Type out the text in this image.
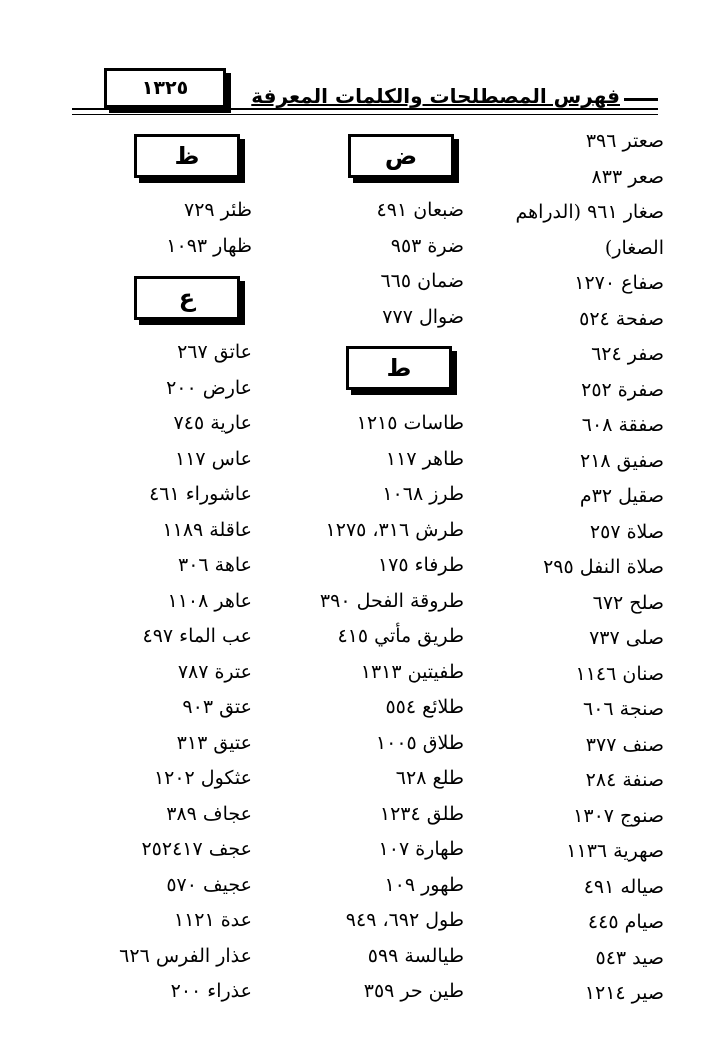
١٣٢٥	فهرس المصطلحات والكلمات المعرفة
ض
ظ
ط
ع
صعتر ٣٩٦
صعر ٨٣٣
صغار ٩٦١ (الدراهم
الصغار)
صفاع ١٢٧٠
صفحة ٥٢٤
صفر ٦٢٤
صفرة ٢٥٢
صفقة ٦٠٨
صفيق ٢١٨
صقيل ٣٢م
صلاة ٢٥٧
صلاة النفل ٢٩٥
صلح ٦٧٢
صلى ٧٣٧
صنان ١١٤٦
صنجة ٦٠٦
صنف ٣٧٧
صنفة ٢٨٤
صنوج ١٣٠٧
صهرية ١١٣٦
صياله ٤٩١
صيام ٤٤٥
صيد ٥٤٣
صير ١٢١٤
ضبعان ٤٩١
ضرة ٩٥٣
ضمان ٦٦٥
ضوال ٧٧٧
طاسات ١٢١٥
طاهر ١١٧
طرز ١٠٦٨
طرش ٣١٦، ١٢٧٥
طرفاء ١٧٥
طروقة الفحل ٣٩٠
طريق مأتي ٤١٥
طفيتين ١٣١٣
طلائع ٥٥٤
طلاق ١٠٠٥
طلع ٦٢٨
طلق ١٢٣٤
طهارة ١٠٧
طهور ١٠٩
طول ٦٩٢، ٩٤٩
طيالسة ٥٩٩
طين حر ٣٥٩
ظئر ٧٢٩
ظهار ١٠٩٣
عاتق ٢٦٧
عارض ٢٠٠
عارية ٧٤٥
عاس ١١٧
عاشوراء ٤٦١
عاقلة ١١٨٩
عاهة ٣٠٦
عاهر ١١٠٨
عب الماء ٤٩٧
عترة ٧٨٧
عتق ٩٠٣
عتيق ٣١٣
عثكول ١٢٠٢
عجاف ٣٨٩
عجف ٢٥٢٤١٧
عجيف ٥٧٠
عدة ١١٢١
عذار الفرس ٦٢٦
عذراء ٢٠٠
